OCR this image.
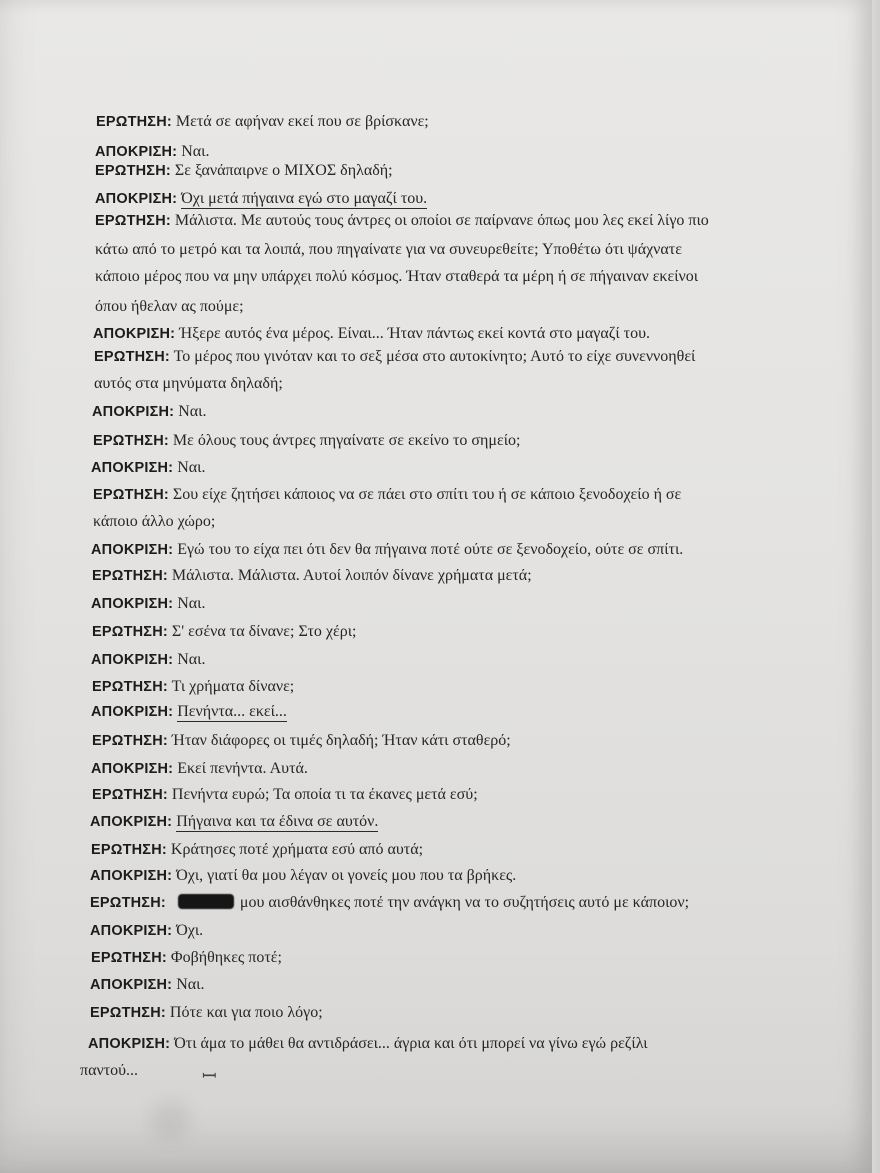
ΕΡΩΤΗΣΗ: Μετά σε αφήναν εκεί που σε βρίσκανε;
ΑΠΟΚΡΙΣΗ: Ναι.
ΕΡΩΤΗΣΗ: Σε ξανάπαιρνε ο ΜΙΧΟΣ δηλαδή;
ΑΠΟΚΡΙΣΗ: Όχι μετά πήγαινα εγώ στο μαγαζί του.
ΕΡΩΤΗΣΗ: Μάλιστα. Με αυτούς τους άντρες οι οποίοι σε παίρνανε όπως μου λες εκεί λίγο πιο
κάτω από το μετρό και τα λοιπά, που πηγαίνατε για να συνευρεθείτε; Υποθέτω ότι ψάχνατε
κάποιο μέρος που να μην υπάρχει πολύ κόσμος. Ήταν σταθερά τα μέρη ή σε πήγαιναν εκείνοι
όπου ήθελαν ας πούμε;
ΑΠΟΚΡΙΣΗ: Ήξερε αυτός ένα μέρος. Είναι... Ήταν πάντως εκεί κοντά στο μαγαζί του.
ΕΡΩΤΗΣΗ: Το μέρος που γινόταν και το σεξ μέσα στο αυτοκίνητο; Αυτό το είχε συνεννοηθεί
αυτός στα μηνύματα δηλαδή;
ΑΠΟΚΡΙΣΗ: Ναι.
ΕΡΩΤΗΣΗ: Με όλους τους άντρες πηγαίνατε σε εκείνο το σημείο;
ΑΠΟΚΡΙΣΗ: Ναι.
ΕΡΩΤΗΣΗ: Σου είχε ζητήσει κάποιος να σε πάει στο σπίτι του ή σε κάποιο ξενοδοχείο ή σε
κάποιο άλλο χώρο;
ΑΠΟΚΡΙΣΗ: Εγώ του το είχα πει ότι δεν θα πήγαινα ποτέ ούτε σε ξενοδοχείο, ούτε σε σπίτι.
ΕΡΩΤΗΣΗ: Μάλιστα. Μάλιστα. Αυτοί λοιπόν δίνανε χρήματα μετά;
ΑΠΟΚΡΙΣΗ: Ναι.
ΕΡΩΤΗΣΗ: Σ' εσένα τα δίνανε; Στο χέρι;
ΑΠΟΚΡΙΣΗ: Ναι.
ΕΡΩΤΗΣΗ: Τι χρήματα δίνανε;
ΑΠΟΚΡΙΣΗ: Πενήντα... εκεί...
ΕΡΩΤΗΣΗ: Ήταν διάφορες οι τιμές δηλαδή; Ήταν κάτι σταθερό;
ΑΠΟΚΡΙΣΗ: Εκεί πενήντα. Αυτά.
ΕΡΩΤΗΣΗ: Πενήντα ευρώ; Τα οποία τι τα έκανες μετά εσύ;
ΑΠΟΚΡΙΣΗ: Πήγαινα και τα έδινα σε αυτόν.
ΕΡΩΤΗΣΗ: Κράτησες ποτέ χρήματα εσύ από αυτά;
ΑΠΟΚΡΙΣΗ: Όχι, γιατί θα μου λέγαν οι γονείς μου που τα βρήκες.
ΕΡΩΤΗΣΗ:	μου αισθάνθηκες ποτέ την ανάγκη να το συζητήσεις αυτό με κάποιον;
ΑΠΟΚΡΙΣΗ: Όχι.
ΕΡΩΤΗΣΗ: Φοβήθηκες ποτέ;
ΑΠΟΚΡΙΣΗ: Ναι.
ΕΡΩΤΗΣΗ: Πότε και για ποιο λόγο;
ΑΠΟΚΡΙΣΗ: Ότι άμα το μάθει θα αντιδράσει... άγρια και ότι μπορεί να γίνω εγώ ρεζίλι
παντού...	ꟷ
